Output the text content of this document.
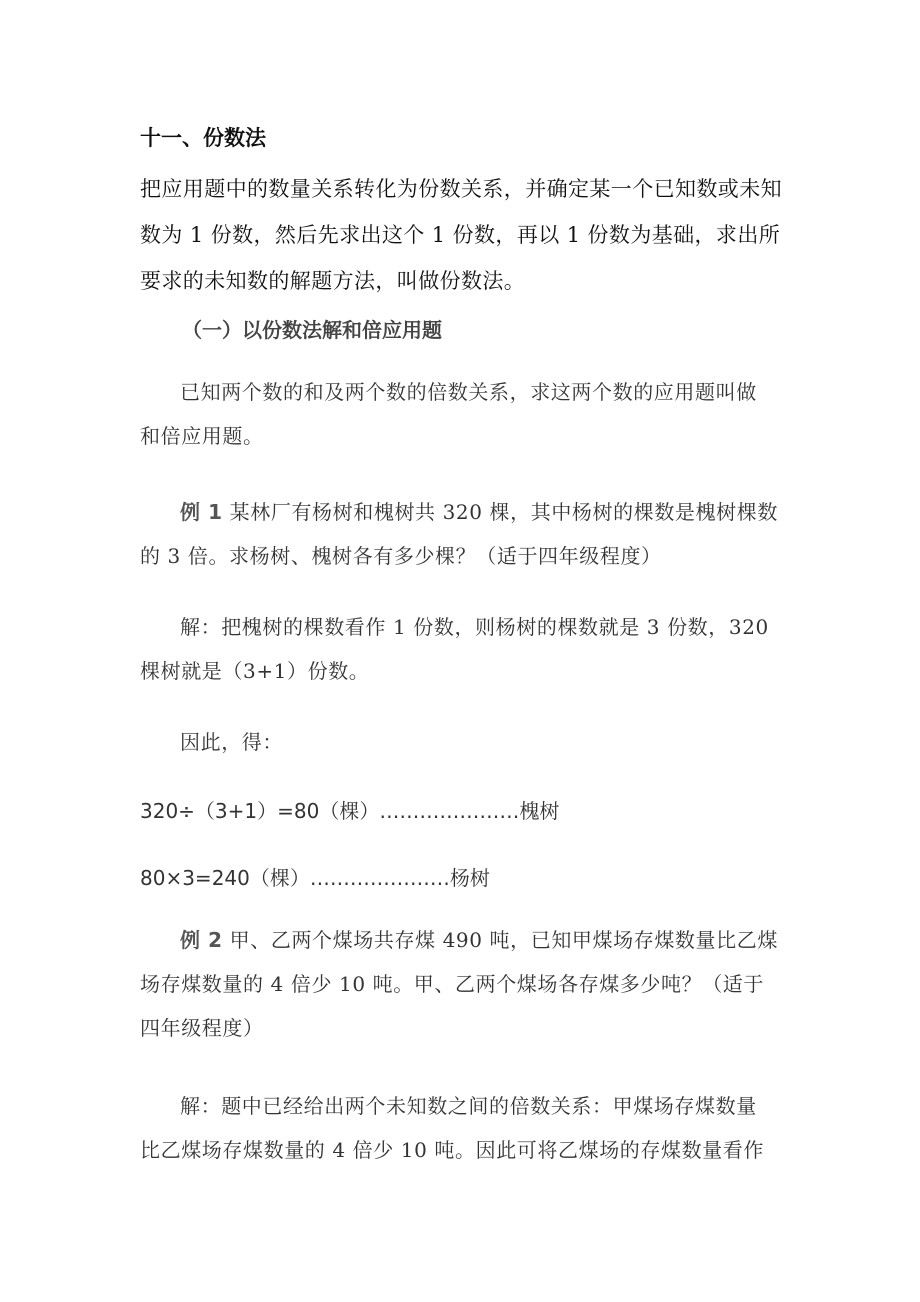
十一、份数法
把应用题中的数量关系转化为份数关系，并确定某一个已知数或未知
数为 1 份数，然后先求出这个 1 份数，再以 1 份数为基础，求出所
要求的未知数的解题方法，叫做份数法。
（一）以份数法解和倍应用题
已知两个数的和及两个数的倍数关系，求这两个数的应用题叫做
和倍应用题。
例 1 某林厂有杨树和槐树共 320 棵，其中杨树的棵数是槐树棵数
的 3 倍。求杨树、槐树各有多少棵？（适于四年级程度）
解：把槐树的棵数看作 1 份数，则杨树的棵数就是 3 份数，320
棵树就是（3+1）份数。
因此，得：
320÷（3+1）=80（棵）…………………槐树
80×3=240（棵）…………………杨树
例 2 甲、乙两个煤场共存煤 490 吨，已知甲煤场存煤数量比乙煤
场存煤数量的 4 倍少 10 吨。甲、乙两个煤场各存煤多少吨？（适于
四年级程度）
解：题中已经给出两个未知数之间的倍数关系：甲煤场存煤数量
比乙煤场存煤数量的 4 倍少 10 吨。因此可将乙煤场的存煤数量看作
